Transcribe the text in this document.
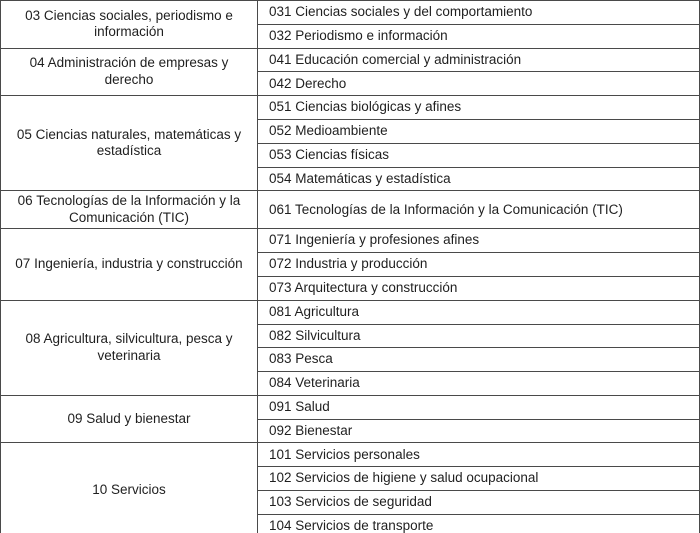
03 Ciencias sociales, periodismo e información	031 Ciencias sociales y del comportamiento
	032 Periodismo e información
04 Administración de empresas y derecho	041 Educación comercial y administración
	042 Derecho
05 Ciencias naturales, matemáticas y estadística	051 Ciencias biológicas y afines
	052 Medioambiente
	053 Ciencias físicas
	054 Matemáticas y estadística
06 Tecnologías de la Información y la Comunicación (TIC)	061 Tecnologías de la Información y la Comunicación (TIC)
07 Ingeniería, industria y construcción	071 Ingeniería y profesiones afines
	072 Industria y producción
	073 Arquitectura y construcción
08 Agricultura, silvicultura, pesca y veterinaria	081 Agricultura
	082 Silvicultura
	083 Pesca
	084 Veterinaria
09 Salud y bienestar	091 Salud
	092 Bienestar
10 Servicios	101 Servicios personales
	102 Servicios de higiene y salud ocupacional
	103 Servicios de seguridad
	104 Servicios de transporte
